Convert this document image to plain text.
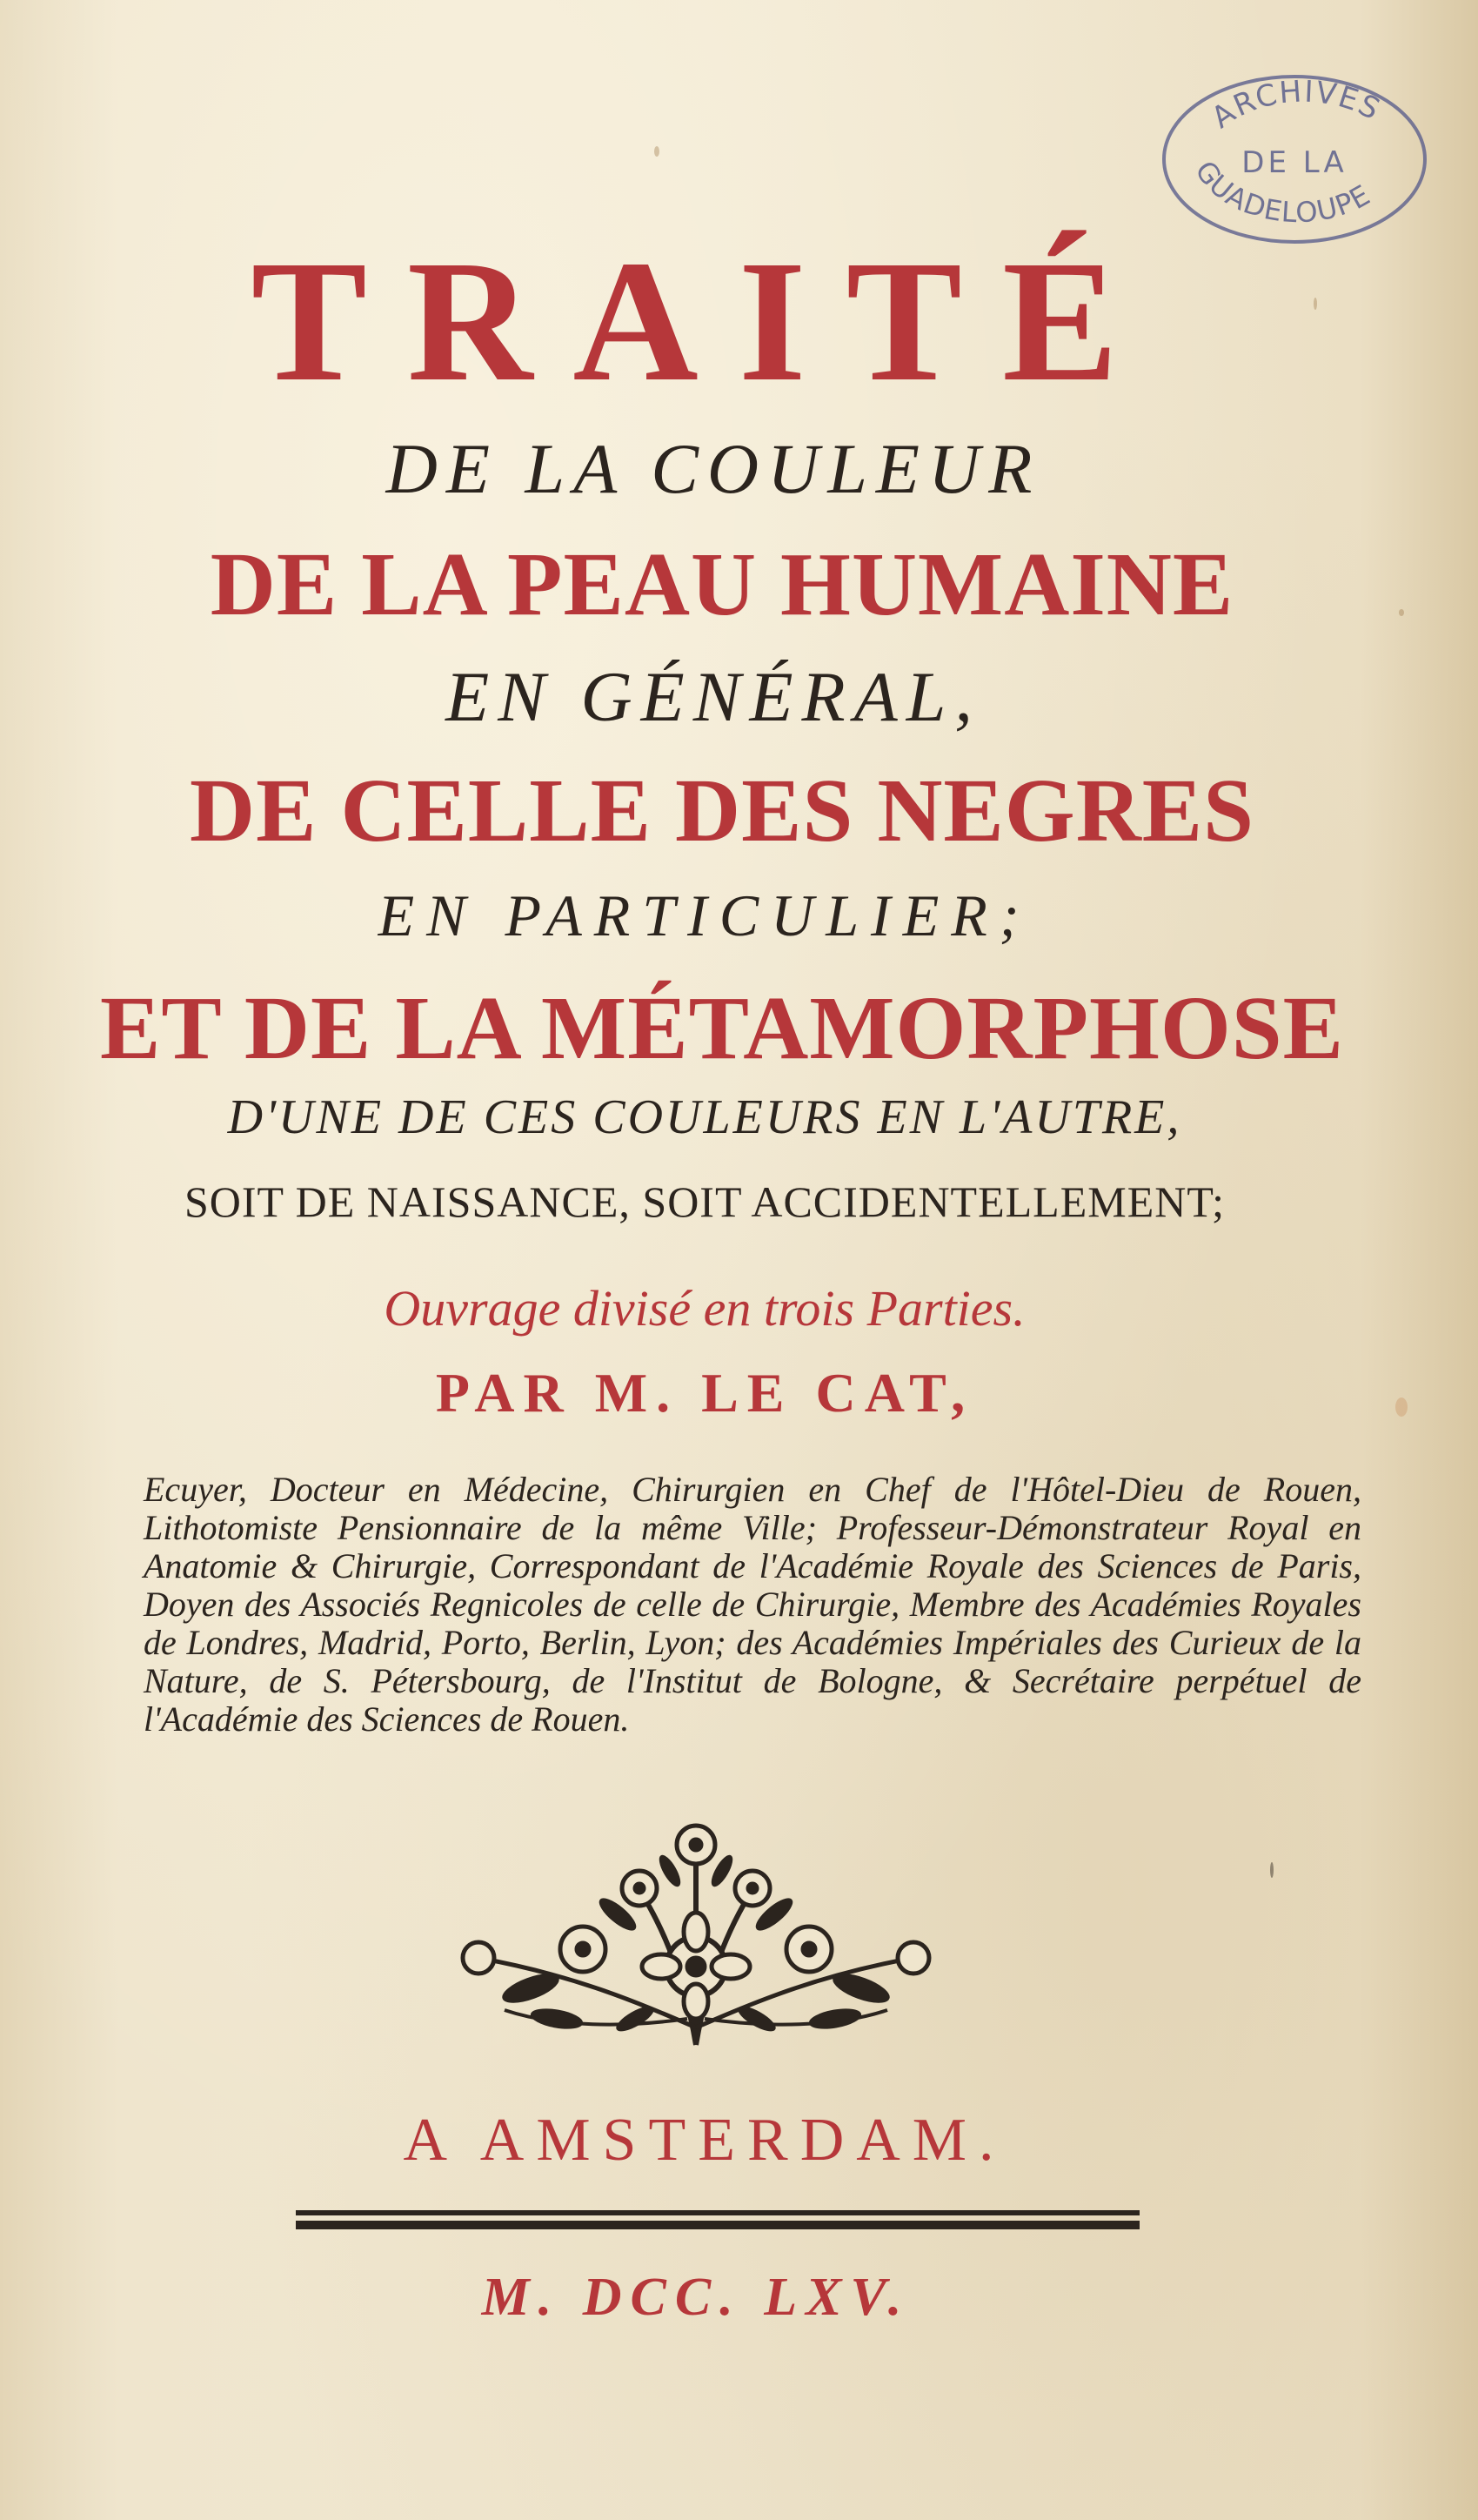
ARCHIVES
DE LA
GUADELOUPE
TRAITÉ
DE LA COULEUR
DE LA PEAU HUMAINE
EN GÉNÉRAL,
DE CELLE DES NEGRES
EN PARTICULIER;
ET DE LA MÉTAMORPHOSE
D'UNE DE CES COULEURS EN L'AUTRE,
SOIT DE NAISSANCE, SOIT ACCIDENTELLEMENT;
Ouvrage divisé en trois Parties.
PAR M. LE CAT,
Ecuyer, Docteur en Médecine, Chirurgien en Chef de l'Hôtel-Dieu de Rouen, Lithotomiste Pensionnaire de la même Ville; Professeur-Démonstrateur Royal en Anatomie & Chirurgie, Correspondant de l'Académie Royale des Sciences de Paris, Doyen des Associés Regnicoles de celle de Chirurgie, Membre des Académies Royales de Londres, Madrid, Porto, Berlin, Lyon; des Académies Impériales des Curieux de la Nature, de S. Pétersbourg, de l'Institut de Bologne, & Secrétaire perpétuel de l'Académie des Sciences de Rouen.
A AMSTERDAM.
M. DCC. LXV.
